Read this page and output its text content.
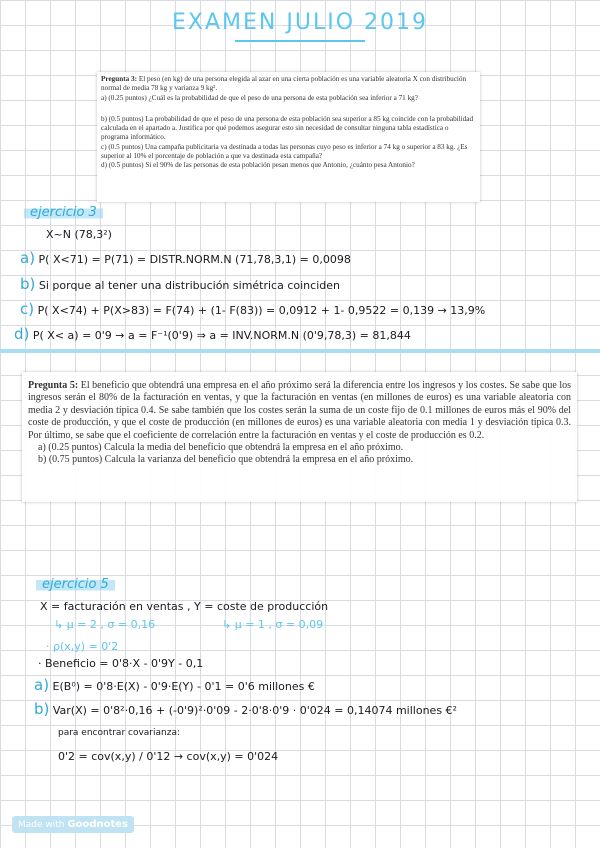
EXAMEN JULIO 2019

Pregunta 3: El peso (en kg) de una persona elegida al azar en una cierta población es una variable aleatoria X con distribución normal de media 78 kg y varianza 9 kg².

a) (0.25 puntos) ¿Cuál es la probabilidad de que el peso de una persona de esta población sea inferior a 71 kg?

b) (0.5 puntos) La probabilidad de que el peso de una persona de esta población sea superior a 85 kg coincide con la probabilidad calculada en el apartado a. Justifica por qué podemos asegurar esto sin necesidad de consultar ninguna tabla estadística o programa informático.

c) (0.5 puntos) Una campaña publicitaria va destinada a todas las personas cuyo peso es inferior a 74 kg o superior a 83 kg. ¿Es superior al 10% el porcentaje de población a que va destinada esta campaña?

d) (0.5 puntos) Si el 90% de las personas de esta población pesan menos que Antonio, ¿cuánto pesa Antonio?

ejercicio 3
X~N (78,3²)
a) P( X<71) = P(71) = DISTR.NORM.N (71,78,3,1) = 0,0098
b) Si porque al tener una distribución simétrica coinciden
c) P( X<74) + P(X>83) = F(74) + (1- F(83)) = 0,0912 + 1- 0,9522 = 0,139 → 13,9%
d) P( X< a) = 0'9 → a = F⁻¹(0'9) ⇒ a = INV.NORM.N (0'9,78,3) = 81,844

Pregunta 5: El beneficio que obtendrá una empresa en el año próximo será la diferencia entre los ingresos y los costes. Se sabe que los ingresos serán el 80% de la facturación en ventas, y que la facturación en ventas (en millones de euros) es una variable aleatoria con media 2 y desviación típica 0.4. Se sabe también que los costes serán la suma de un coste fijo de 0.1 millones de euros más el 90% del coste de producción, y que el coste de producción (en millones de euros) es una variable aleatoria con media 1 y desviación típica 0.3. Por último, se sabe que el coeficiente de correlación entre la facturación en ventas y el coste de producción es 0.2.

a) (0.25 puntos) Calcula la media del beneficio que obtendrá la empresa en el año próximo.

b) (0.75 puntos) Calcula la varianza del beneficio que obtendrá la empresa en el año próximo.

ejercicio 5
X = facturación en ventas , Y = coste de producción
↳ μ = 2 , σ = 0,16	↳ μ = 1 , σ = 0,09
· ρ(x,y) = 0'2
· Beneficio = 0'8·X - 0'9Y - 0,1
a) E(B⁰) = 0'8·E(X) - 0'9·E(Y) - 0'1 = 0'6 millones €
b) Var(X) = 0'8²·0,16 + (-0'9)²·0'09 - 2·0'8·0'9 · 0'024 = 0,14074 millones €²
para encontrar covarianza:
0'2 = cov(x,y) / 0'12 → cov(x,y) = 0'024
Made with Goodnotes
